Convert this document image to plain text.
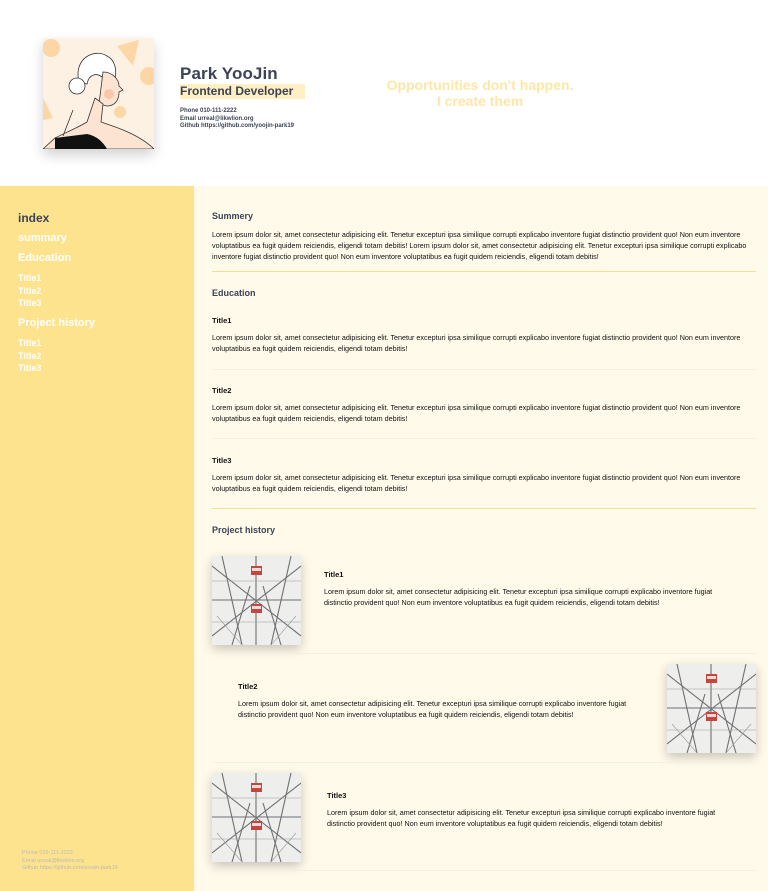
Park YooJin
Frontend Developer
Phone 010-111-2222
Email urreal@likwlion.org
Github https://github.com/yoojin-park19
Opportunities don't happen.
I create them
index
summary
Education
Title1
Title2
Title3
Project history
Title1
Title2
Title3
Phone 010-111-2222
Email urreal@likwlion.org
Github https://github.com/yoojin-park19
Summery

Lorem ipsum dolor sit, amet consectetur adipisicing elit. Tenetur excepturi ipsa similique corrupti explicabo inventore fugiat distinctio provident quo! Non eum inventore voluptatibus ea fugit quidem reiciendis, eligendi totam debitis! Lorem ipsum dolor sit, amet consectetur adipisicing elit. Tenetur excepturi ipsa similique corrupti explicabo inventore fugiat distinctio provident quo! Non eum inventore voluptatibus ea fugit quidem reiciendis, eligendi totam debitis!

Education
Title1

Lorem ipsum dolor sit, amet consectetur adipisicing elit. Tenetur excepturi ipsa similique corrupti explicabo inventore fugiat distinctio provident quo! Non eum inventore voluptatibus ea fugit quidem reiciendis, eligendi totam debitis!

Title2

Lorem ipsum dolor sit, amet consectetur adipisicing elit. Tenetur excepturi ipsa similique corrupti explicabo inventore fugiat distinctio provident quo! Non eum inventore voluptatibus ea fugit quidem reiciendis, eligendi totam debitis!

Title3

Lorem ipsum dolor sit, amet consectetur adipisicing elit. Tenetur excepturi ipsa similique corrupti explicabo inventore fugiat distinctio provident quo! Non eum inventore voluptatibus ea fugit quidem reiciendis, eligendi totam debitis!

Project history
Title1

Lorem ipsum dolor sit, amet consectetur adipisicing elit. Tenetur excepturi ipsa similique corrupti explicabo inventore fugiat distinctio provident quo! Non eum inventore voluptatibus ea fugit quidem reiciendis, eligendi totam debitis!

Title2

Lorem ipsum dolor sit, amet consectetur adipisicing elit. Tenetur excepturi ipsa similique corrupti explicabo inventore fugiat distinctio provident quo! Non eum inventore voluptatibus ea fugit quidem reiciendis, eligendi totam debitis!

Title3

Lorem ipsum dolor sit, amet consectetur adipisicing elit. Tenetur excepturi ipsa similique corrupti explicabo inventore fugiat distinctio provident quo! Non eum inventore voluptatibus ea fugit quidem reiciendis, eligendi totam debitis!
